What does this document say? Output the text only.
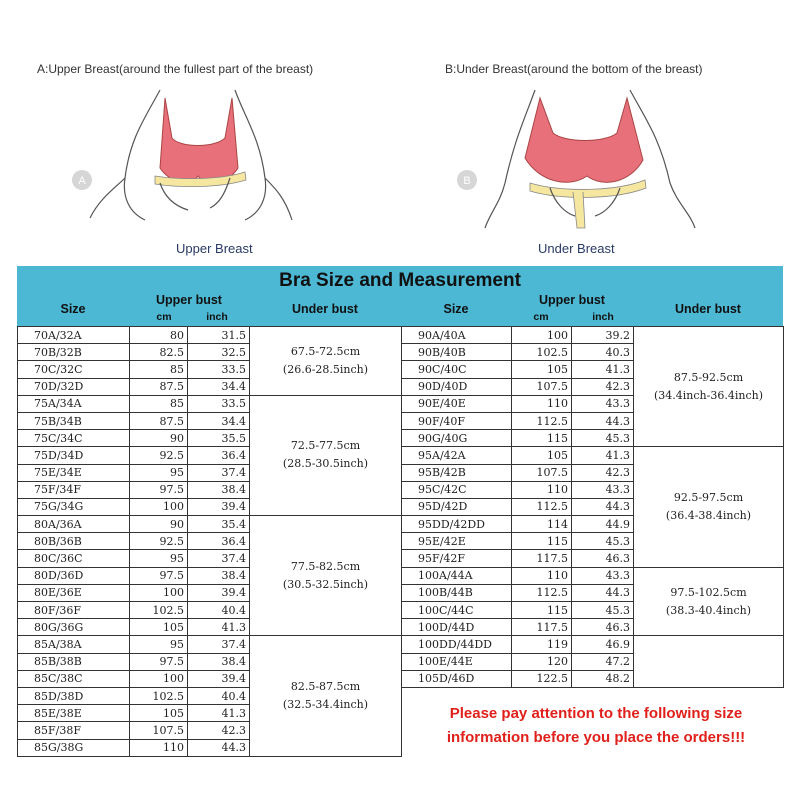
A:Upper Breast(around the fullest part of the breast)	B:Under Breast(around the bottom of the breast)
A	B
Upper Breast	Under Breast
Bra Size and Measurement
Size
Upper bust
cm	inch
Under bust	Size
Upper bust
cm	inch
Under bust
70A/32A	80	31.5	67.5-72.5cm
(26.6-28.5inch)

70B/32B	82.5	32.5	
70C/32C	85	33.5	
70D/32D	87.5	34.4	
75A/34A	85	33.5	72.5-77.5cm
(28.5-30.5inch)

75B/34B	87.5	34.4	
75C/34C	90	35.5	
75D/34D	92.5	36.4	
75E/34E	95	37.4	
75F/34F	97.5	38.4	
75G/34G	100	39.4	
80A/36A	90	35.4	77.5-82.5cm
(30.5-32.5inch)

80B/36B	92.5	36.4	
80C/36C	95	37.4	
80D/36D	97.5	38.4	
80E/36E	100	39.4	
80F/36F	102.5	40.4	
80G/36G	105	41.3	
85A/38A	95	37.4	82.5-87.5cm
(32.5-34.4inch)

85B/38B	97.5	38.4	
85C/38C	100	39.4	
85D/38D	102.5	40.4	
85E/38E	105	41.3	
85F/38F	107.5	42.3	
85G/38G	110	44.3	
90A/40A	100	39.2	87.5-92.5cm
(34.4inch-36.4inch)

90B/40B	102.5	40.3	
90C/40C	105	41.3	
90D/40D	107.5	42.3	
90E/40E	110	43.3	
90F/40F	112.5	44.3	
90G/40G	115	45.3	
95A/42A	105	41.3	92.5-97.5cm
(36.4-38.4inch)

95B/42B	107.5	42.3	
95C/42C	110	43.3	
95D/42D	112.5	44.3	
95DD/42DD	114	44.9	
95E/42E	115	45.3	
95F/42F	117.5	46.3	
100A/44A	110	43.3	97.5-102.5cm
(38.3-40.4inch)

100B/44B	112.5	44.3	
100C/44C	115	45.3	
100D/44D	117.5	46.3	
100DD/44DD	119	46.9	
100E/44E	120	47.2	
105D/46D	122.5	48.2	
Please pay attention to the following size
information before you place the orders!!!
